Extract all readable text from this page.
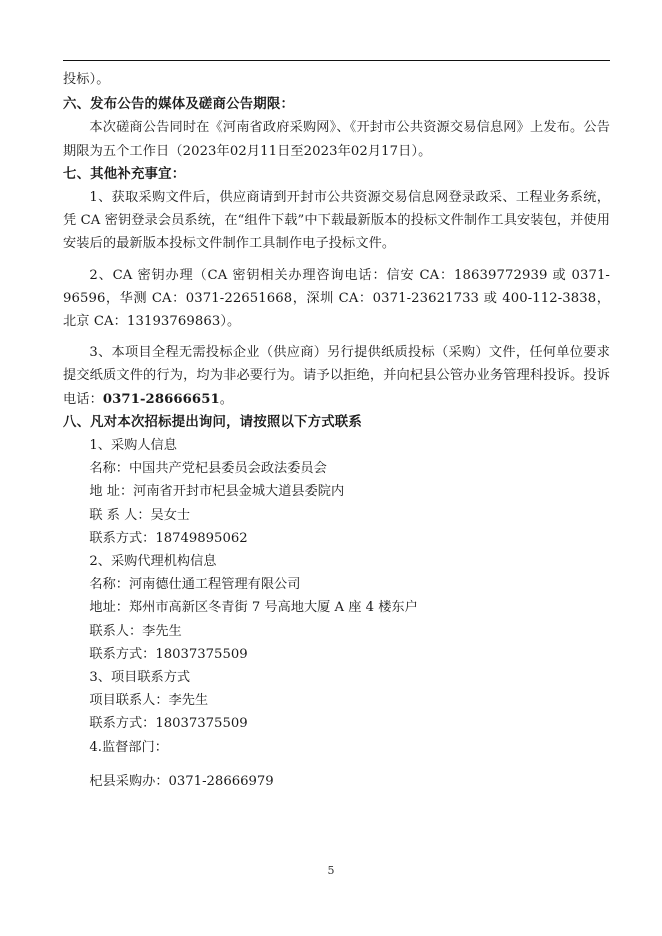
投标）。

六、发布公告的媒体及磋商公告期限：

本次磋商公告同时在《河南省政府采购网》、《开封市公共资源交易信息网》上发布。公告期限为五个工作日（2023年02月11日至2023年02月17日）。

七、其他补充事宜：

1、获取采购文件后，供应商请到开封市公共资源交易信息网登录政采、工程业务系统，凭 CA 密钥登录会员系统，在“组件下载”中下载最新版本的投标文件制作工具安装包，并使用安装后的最新版本投标文件制作工具制作电子投标文件。

2、CA 密钥办理（CA 密钥相关办理咨询电话：信安 CA：18639772939 或 0371-96596，华测 CA：0371-22651668，深圳 CA：0371-23621733 或 400-112-3838，北京 CA：13193769863）。

3、本项目全程无需投标企业（供应商）另行提供纸质投标（采购）文件，任何单位要求提交纸质文件的行为，均为非必要行为。请予以拒绝，并向杞县公管办业务管理科投诉。投诉电话：0371-28666651。

八、凡对本次招标提出询问，请按照以下方式联系

1、采购人信息

名称：中国共产党杞县委员会政法委员会

地 址：河南省开封市杞县金城大道县委院内

联 系 人：吴女士

联系方式：18749895062

2、采购代理机构信息

名称：河南德仕通工程管理有限公司

地址：郑州市高新区冬青街 7 号高地大厦 A 座 4 楼东户

联系人：李先生

联系方式：18037375509

3、项目联系方式

项目联系人：李先生

联系方式：18037375509

4.监督部门：

杞县采购办：0371-28666979

5
